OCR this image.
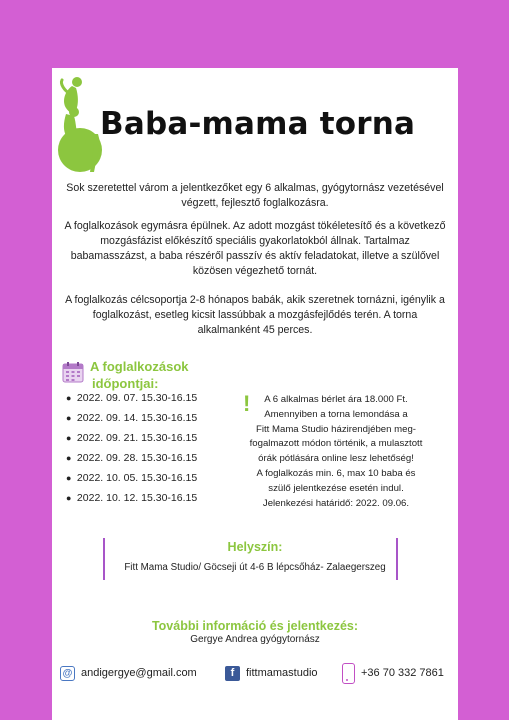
Baba-mama torna
Sok szeretettel várom a jelentkezőket egy 6 alkalmas, gyógytornász vezetésével végzett, fejlesztő foglalkozásra.
A foglalkozások egymásra épülnek. Az adott mozgást tökéletesítő és a következő mozgásfázist előkészítő speciális gyakorlatokból állnak. Tartalmaz babamasszázst, a baba részéről passzív és aktív feladatokat, illetve a szülővel közösen végezhető tornát.
A foglalkozás célcsoportja 2-8 hónapos babák, akik szeretnek tornázni, igénylik a foglalkozást, esetleg kicsit lassúbbak a mozgásfejlődés terén. A torna alkalmanként 45 perces.
A foglalkozások
időpontjai:
● 2022. 09. 07. 15.30-16.15
● 2022. 09. 14. 15.30-16.15
● 2022. 09. 21. 15.30-16.15
● 2022. 09. 28. 15.30-16.15
● 2022. 10. 05. 15.30-16.15
● 2022. 10. 12. 15.30-16.15
!	A 6 alkalmas bérlet ára 18.000 Ft.
Amennyiben a torna lemondása a
Fitt Mama Studio házirendjében meg-
fogalmazott módon történik, a mulasztott
órák pótlására online lesz lehetőség!
A foglalkozás min. 6, max 10 baba és
szülő jelentkezése esetén indul.
Jelenkezési határidő: 2022. 09.06.
Helyszín:
Fitt Mama Studio/ Göcseji út 4-6 B lépcsőház- Zalaegerszeg
További információ és jelentkezés:
Gergye Andrea gyógytornász
@ andigergye@gmail.com	f	fittmamastudio	+36 70 332 7861
